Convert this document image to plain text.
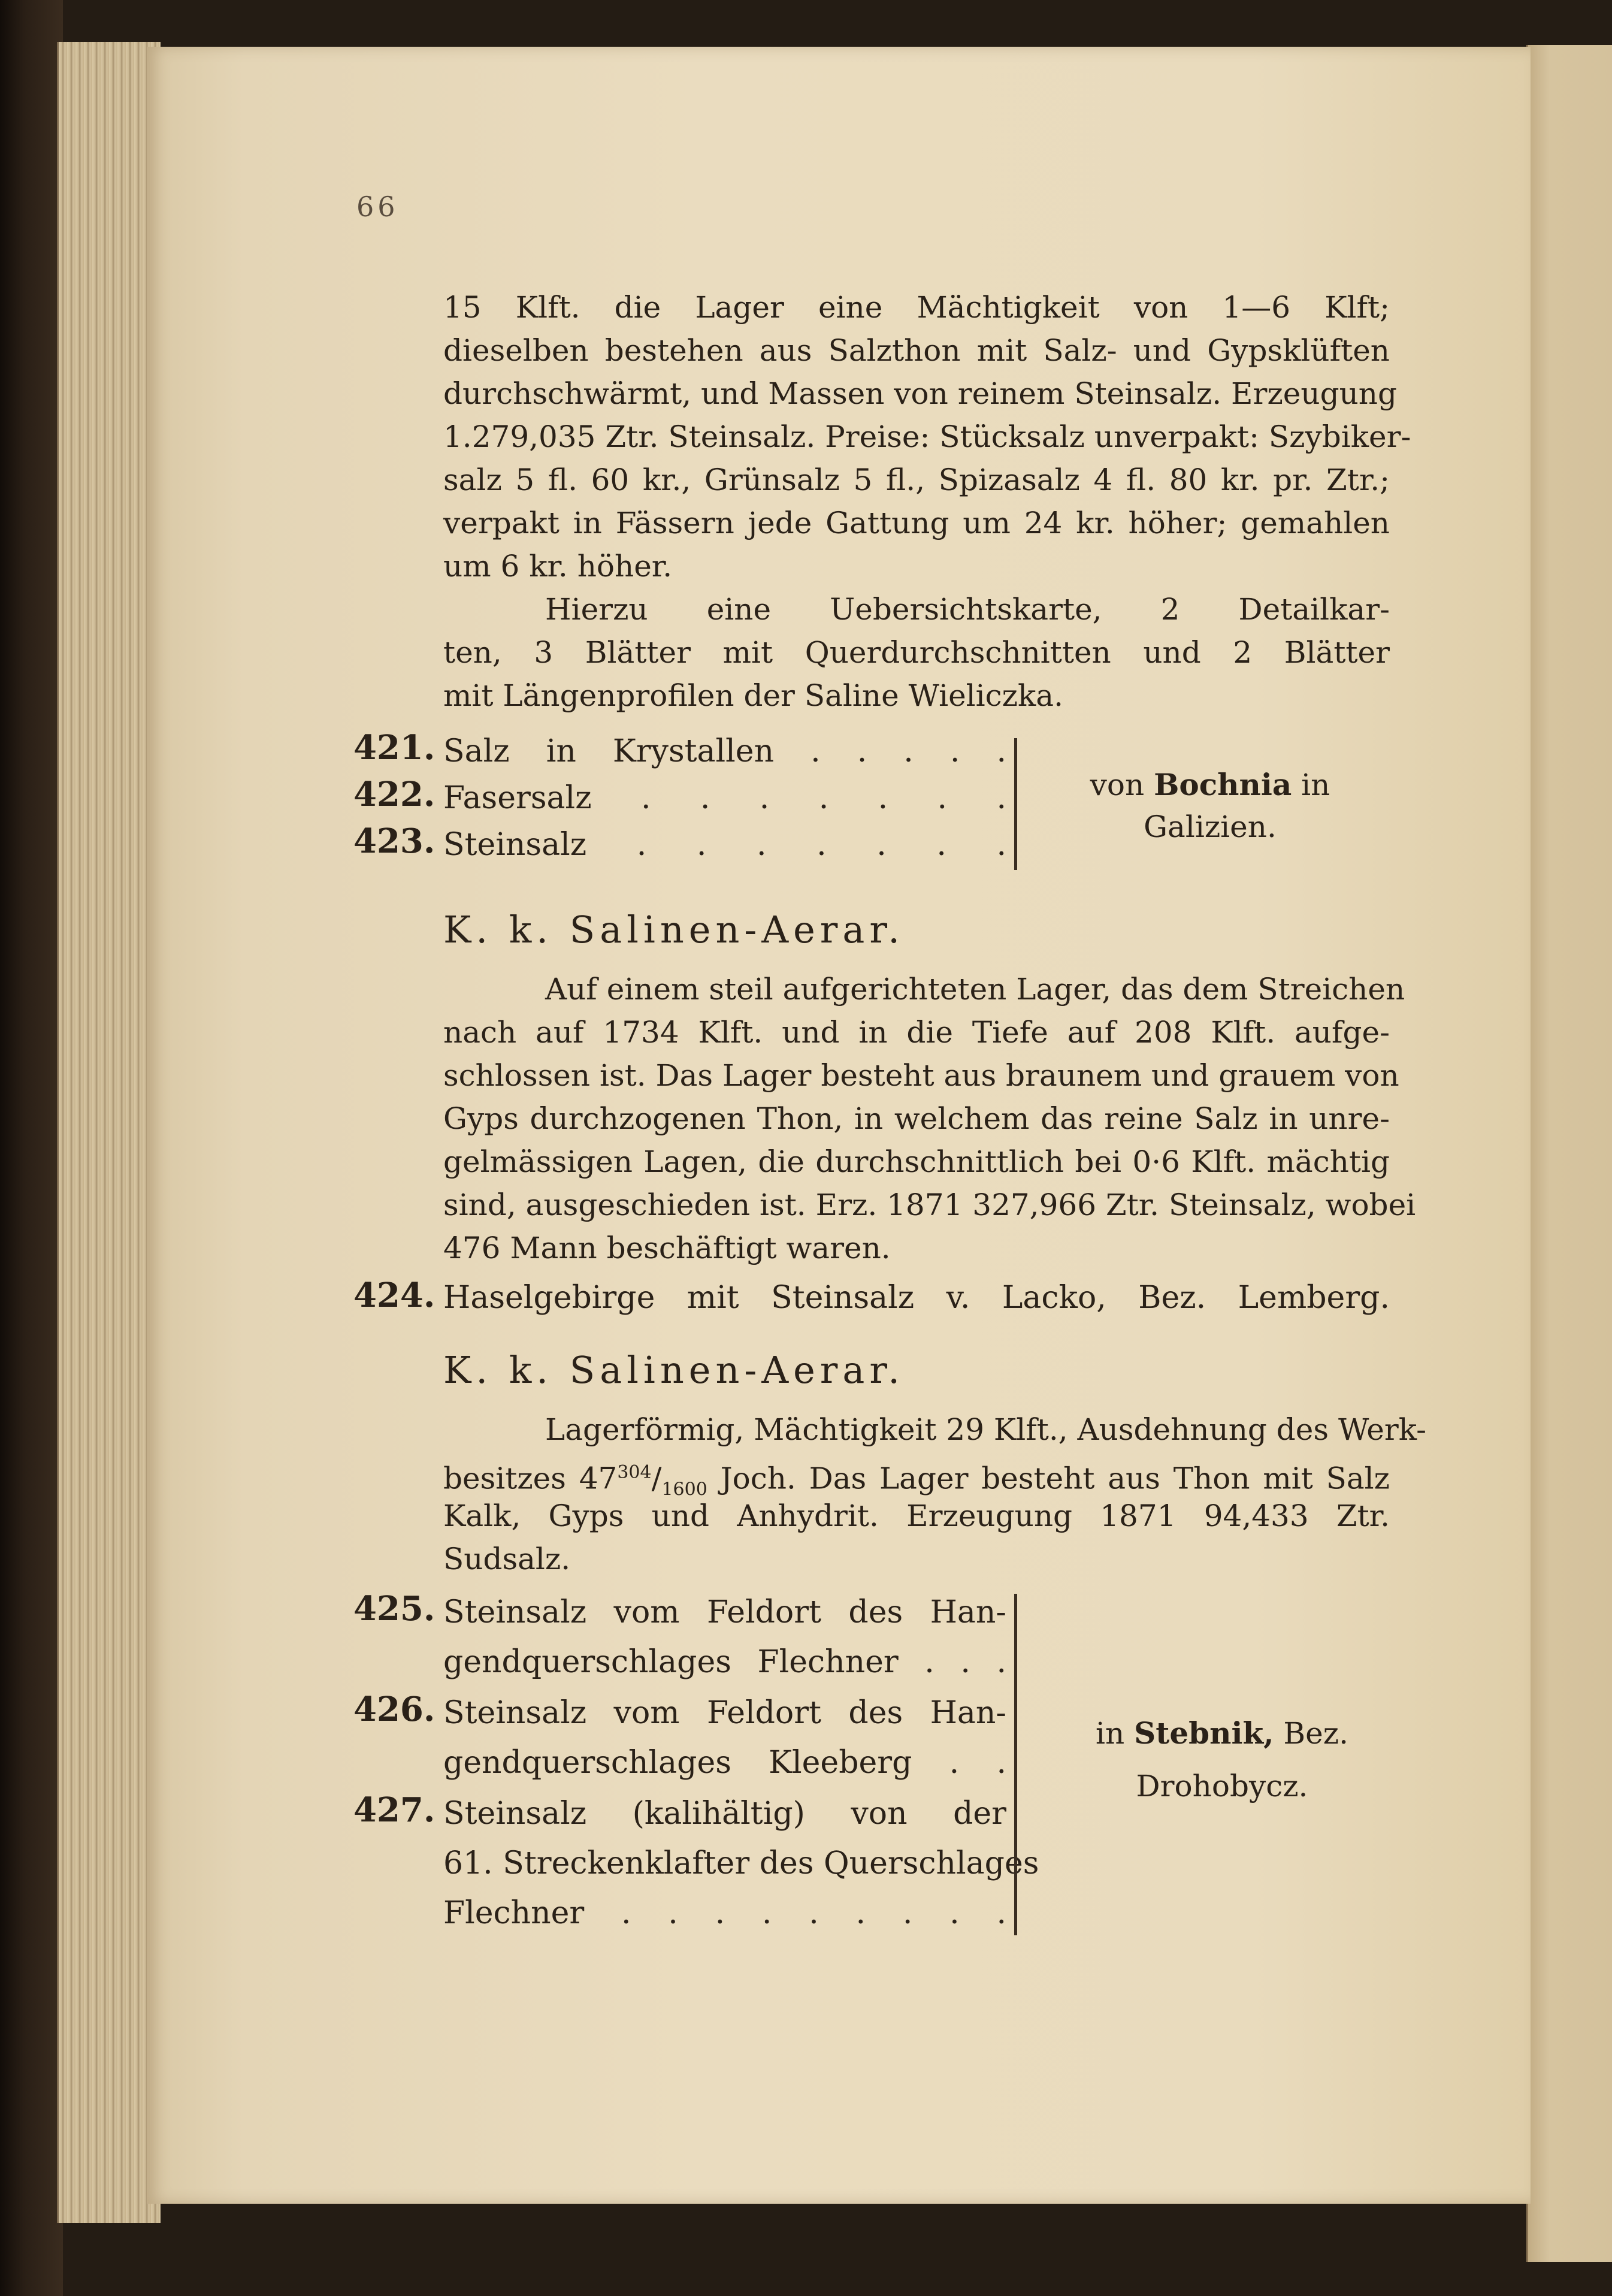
66
15 Klft. die Lager eine Mächtigkeit von 1—6 Klft;
dieselben bestehen aus Salzthon mit Salz- und Gypsklüften
durchschwärmt, und Massen von reinem Steinsalz. Erzeugung
1.279,035 Ztr. Steinsalz. Preise: Stücksalz unverpakt: Szybiker-
salz 5 fl. 60 kr., Grünsalz 5 fl., Spizasalz 4 fl. 80 kr. pr. Ztr.;
verpakt in Fässern jede Gattung um 24 kr. höher; gemahlen
um 6 kr. höher.
Hierzu eine Uebersichtskarte, 2 Detailkar-
ten, 3 Blätter mit Querdurchschnitten und 2 Blätter
mit Längenprofilen der Saline Wieliczka.
421. Salz in Krystallen . . . . .
422. Fasersalz . . . . . . .
423. Steinsalz . . . . . . .
von Bochnia in
Galizien.
K. k. Salinen-Aerar.
Auf einem steil aufgerichteten Lager, das dem Streichen
nach auf 1734 Klft. und in die Tiefe auf 208 Klft. aufge-
schlossen ist. Das Lager besteht aus braunem und grauem von
Gyps durchzogenen Thon, in welchem das reine Salz in unre-
gelmässigen Lagen, die durchschnittlich bei 0·6 Klft. mächtig
sind, ausgeschieden ist. Erz. 1871 327,966 Ztr. Steinsalz, wobei
476 Mann beschäftigt waren.
424. Haselgebirge mit Steinsalz v. Lacko, Bez. Lemberg.
K. k. Salinen-Aerar.
Lagerförmig, Mächtigkeit 29 Klft., Ausdehnung des Werk-
besitzes $47^{304}/_{1600}$ Joch. Das Lager besteht aus Thon mit Salz
Kalk, Gyps und Anhydrit. Erzeugung 1871 94,433 Ztr.
Sudsalz.
425. Steinsalz vom Feldort des Han-
gendquerschlages Flechner . . .
426. Steinsalz vom Feldort des Han-
gendquerschlages Kleeberg . .
427. Steinsalz (kalihältig) von der
61. Streckenklafter des Querschlages
Flechner . . . . . . . . .
in Stebnik, Bez.
Drohobycz.
